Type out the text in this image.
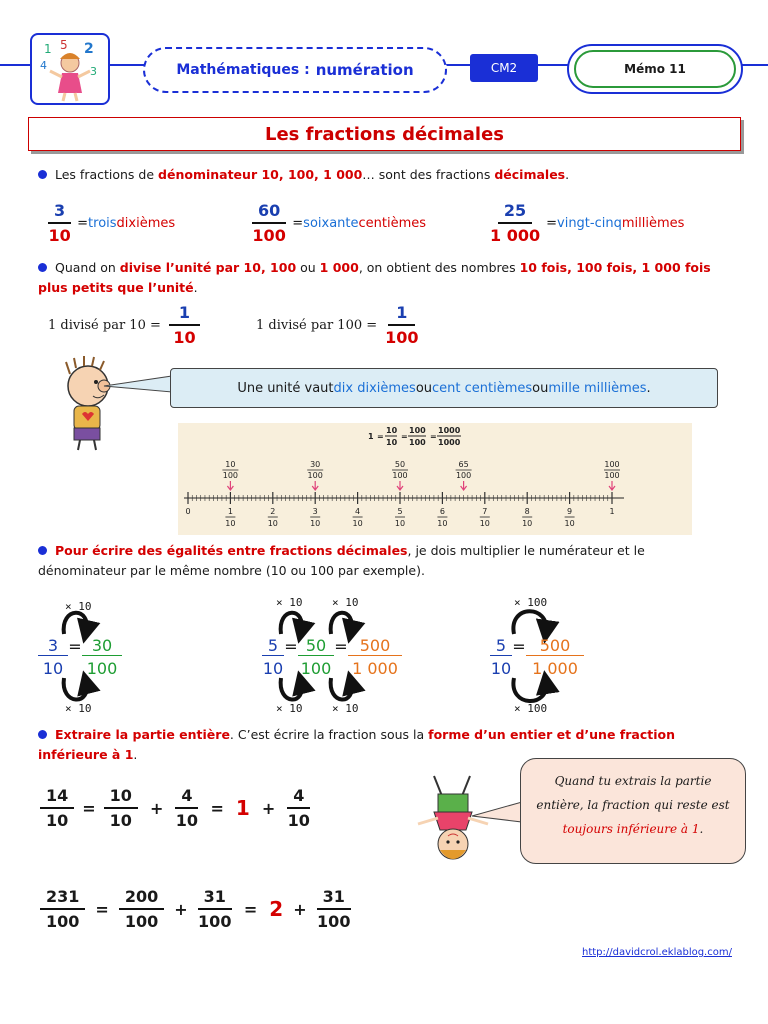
1 5 2
4	3	Mathématiques : numération	CM2	Mémo 11
Les fractions décimales
Les fractions de dénominateur 10, 100, 1 000… sont des fractions décimales.
$\frac{3}{10}$ = trois dixièmes	$\frac{60}{100}$ = soixante centièmes	$\frac{25}{1 000}$ = vingt-cinq millièmes
Quand on divise l’unité par 10, 100 ou 1 000, on obtient des nombres 10 fois, 100 fois, 1 000 fois plus petits que l’unité.
1 divisé par $10 = \frac{1}{10}$	1 divisé par $100 = \frac{1}{100}$
Une unité vaut dix dixièmes ou cent centièmes ou mille millièmes .
1 =
10
10
=
100
100
=
1000
1000
10
100
30
100
50
100
65
100
100
100
0	1
10
2
10
3
10
4
10
5
10
6
10
7
10
8
10
9
10
1
Pour écrire des égalités entre fractions décimales, je dois multiplier le numérateur et le dénominateur par le même nombre (10 ou 100 par exemple).
× 10
× 10
3 = 30
10	100
× 10	× 10
× 10	× 10
5 = 50 = 500
10 100 1 000
× 100
× 100
5 = 500
10	1 000
Extraire la partie entière. C’est écrire la fraction sous la forme d’un entier et d’une fraction inférieure à 1.
$\frac{14}{10} = \frac{10}{10} + \frac{4}{10} = 1 + \frac{4}{10}$
$\frac{231}{100} = \frac{200}{100} + \frac{31}{100} = 2 + \frac{31}{100}$
Quand tu extrais la partie entière, la fraction qui reste est toujours inférieure à 1.
http://davidcrol.eklablog.com/
